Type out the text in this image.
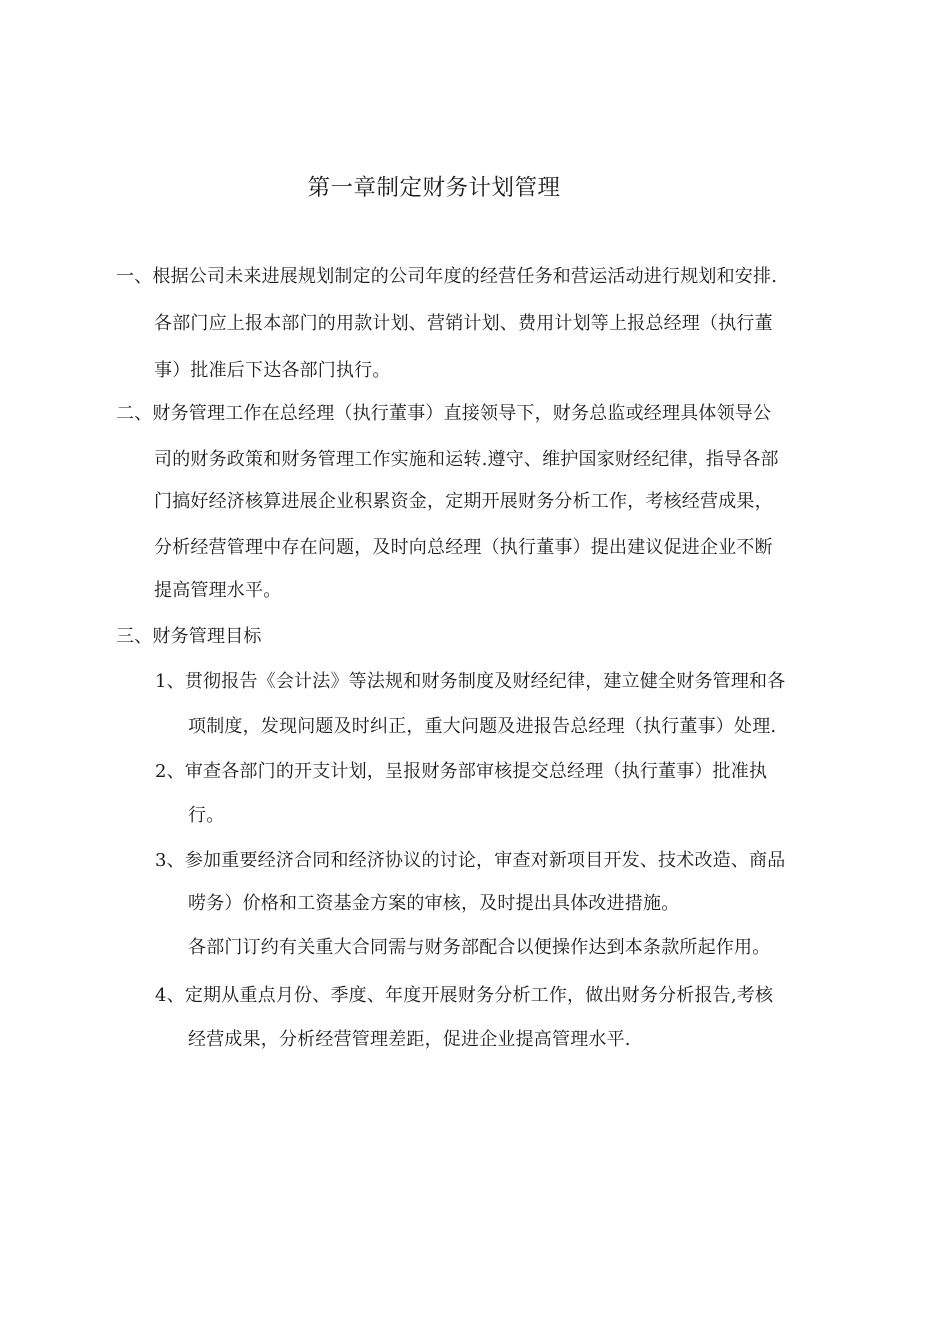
第一章制定财务计划管理
一、根据公司未来进展规划制定的公司年度的经营任务和营运活动进行规划和安排.
各部门应上报本部门的用款计划、营销计划、费用计划等上报总经理（执行董
事）批准后下达各部门执行。
二、财务管理工作在总经理（执行董事）直接领导下，财务总监或经理具体领导公
司的财务政策和财务管理工作实施和运转.遵守、维护国家财经纪律，指导各部
门搞好经济核算进展企业积累资金，定期开展财务分析工作，考核经营成果，
分析经营管理中存在问题，及时向总经理（执行董事）提出建议促进企业不断
提高管理水平。
三、财务管理目标
1、贯彻报告《会计法》等法规和财务制度及财经纪律，建立健全财务管理和各
项制度，发现问题及时纠正，重大问题及进报告总经理（执行董事）处理.
2、审查各部门的开支计划，呈报财务部审核提交总经理（执行董事）批准执
行。
3、参加重要经济合同和经济协议的讨论，审查对新项目开发、技术改造、商品
唠务）价格和工资基金方案的审核，及时提出具体改进措施。
各部门订约有关重大合同需与财务部配合以便操作达到本条款所起作用。
4、定期从重点月份、季度、年度开展财务分析工作，做出财务分析报告,考核
经营成果，分析经营管理差距，促进企业提高管理水平.
